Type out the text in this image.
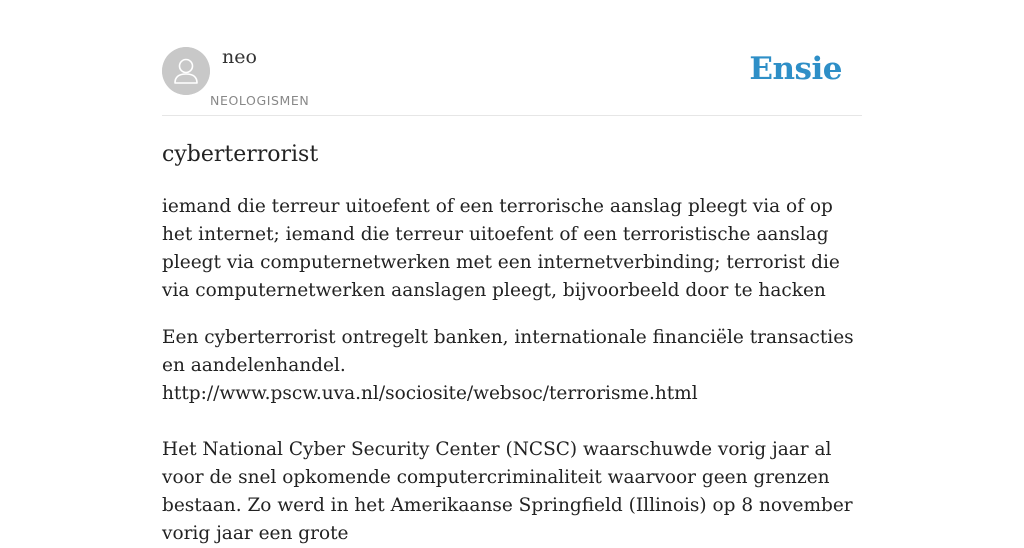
neo
NEOLOGISMEN
Ensie
cyberterrorist
iemand die terreur uitoefent of een terrorische aanslag pleegt via of op het internet; iemand die terreur uitoefent of een terroristische aanslag pleegt via computernetwerken met een internetverbinding; terrorist die via computernetwerken aanslagen pleegt, bijvoorbeeld door te hacken

Een cyberterrorist ontregelt banken, internationale financiële transacties en aandelenhandel.

http://www.pscw.uva.nl/sociosite/websoc/terrorisme.html

Het National Cyber Security Center (NCSC) waarschuwde vorig jaar al voor de snel opkomende computercriminaliteit waarvoor geen grenzen bestaan. Zo werd in het Amerikaanse Springfield (Illinois) op 8 november vorig jaar een grote
